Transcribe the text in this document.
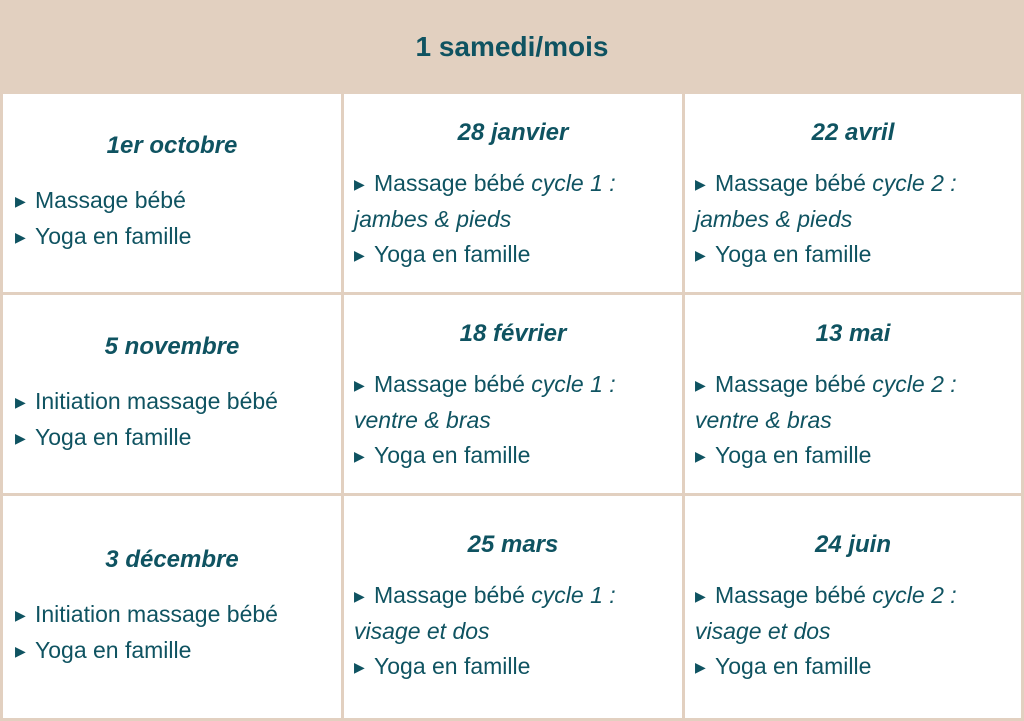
1 samedi/mois
1er octobre
▶ Massage bébé
▶ Yoga en famille
28 janvier
▶ Massage bébé cycle 1 :
jambes & pieds
▶ Yoga en famille
22 avril
▶ Massage bébé cycle 2 :
jambes & pieds
▶ Yoga en famille
5 novembre
▶ Initiation massage bébé
▶ Yoga en famille
18 février
▶ Massage bébé cycle 1 :
ventre & bras
▶ Yoga en famille
13 mai
▶ Massage bébé cycle 2 :
ventre & bras
▶ Yoga en famille
3 décembre
▶ Initiation massage bébé
▶ Yoga en famille
25 mars
▶ Massage bébé cycle 1 :
visage et dos
▶ Yoga en famille
24 juin
▶ Massage bébé cycle 2 :
visage et dos
▶ Yoga en famille
